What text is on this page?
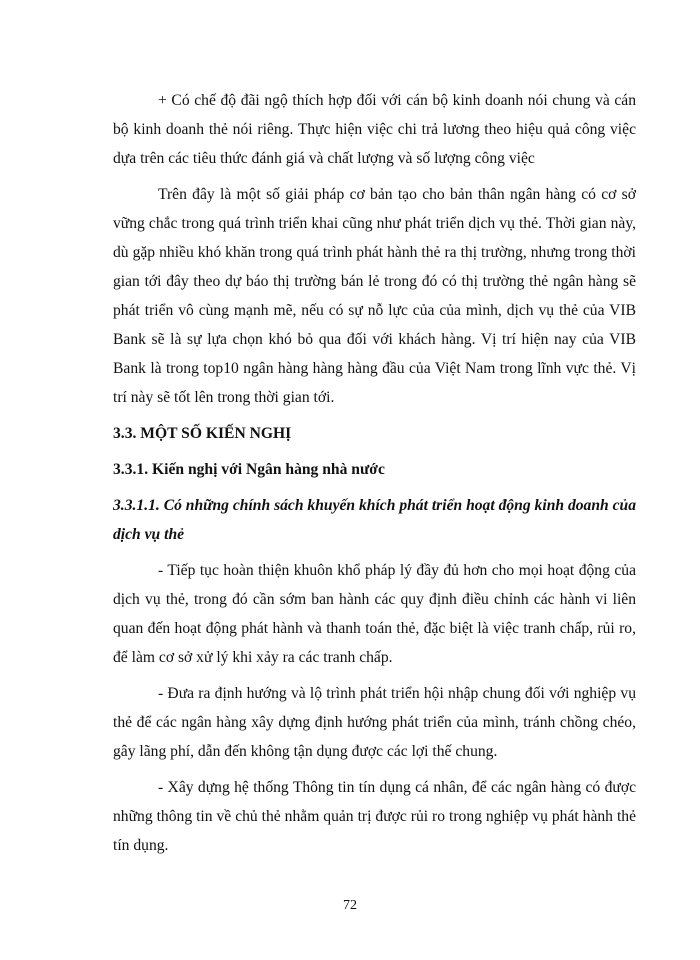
+ Có chế độ đãi ngộ thích hợp đối với cán bộ kinh doanh nói chung và cán bộ kinh doanh thẻ nói riêng. Thực hiện việc chi trả lương theo hiệu quả công việc dựa trên các tiêu thức đánh giá và chất lượng và số lượng công việc

Trên đây là một số giải pháp cơ bản tạo cho bản thân ngân hàng có cơ sở vững chắc trong quá trình triển khai cũng như phát triển dịch vụ thẻ. Thời gian này, dù gặp nhiều khó khăn trong quá trình phát hành thẻ ra thị trường, nhưng trong thời gian tới đây theo dự báo thị trường bán lẻ trong đó có thị trường thẻ ngân hàng sẽ phát triển vô cùng mạnh mẽ, nếu có sự nỗ lực của của mình, dịch vụ thẻ của VIB Bank sẽ là sự lựa chọn khó bỏ qua đối với khách hàng. Vị trí hiện nay của VIB Bank là trong top10 ngân hàng hàng hàng đầu của Việt Nam trong lĩnh vực thẻ. Vị trí này sẽ tốt lên trong thời gian tới.

3.3. MỘT SỐ KIẾN NGHỊ
3.3.1. Kiến nghị với Ngân hàng nhà nước
3.3.1.1. Có những chính sách khuyến khích phát triển hoạt động kinh doanh của dịch vụ thẻ

- Tiếp tục hoàn thiện khuôn khổ pháp lý đầy đủ hơn cho mọi hoạt động của dịch vụ thẻ, trong đó cần sớm ban hành các quy định điều chỉnh các hành vi liên quan đến hoạt động phát hành và thanh toán thẻ, đặc biệt là việc tranh chấp, rủi ro, để làm cơ sở xử lý khi xảy ra các tranh chấp.

- Đưa ra định hướng và lộ trình phát triển hội nhập chung đối với nghiệp vụ thẻ để các ngân hàng xây dựng định hướng phát triển của mình, tránh chồng chéo, gây lãng phí, dẫn đến không tận dụng được các lợi thế chung.

- Xây dựng hệ thống Thông tin tín dụng cá nhân, để các ngân hàng có được những thông tin về chủ thẻ nhằm quản trị được rủi ro trong nghiệp vụ phát hành thẻ tín dụng.

72
